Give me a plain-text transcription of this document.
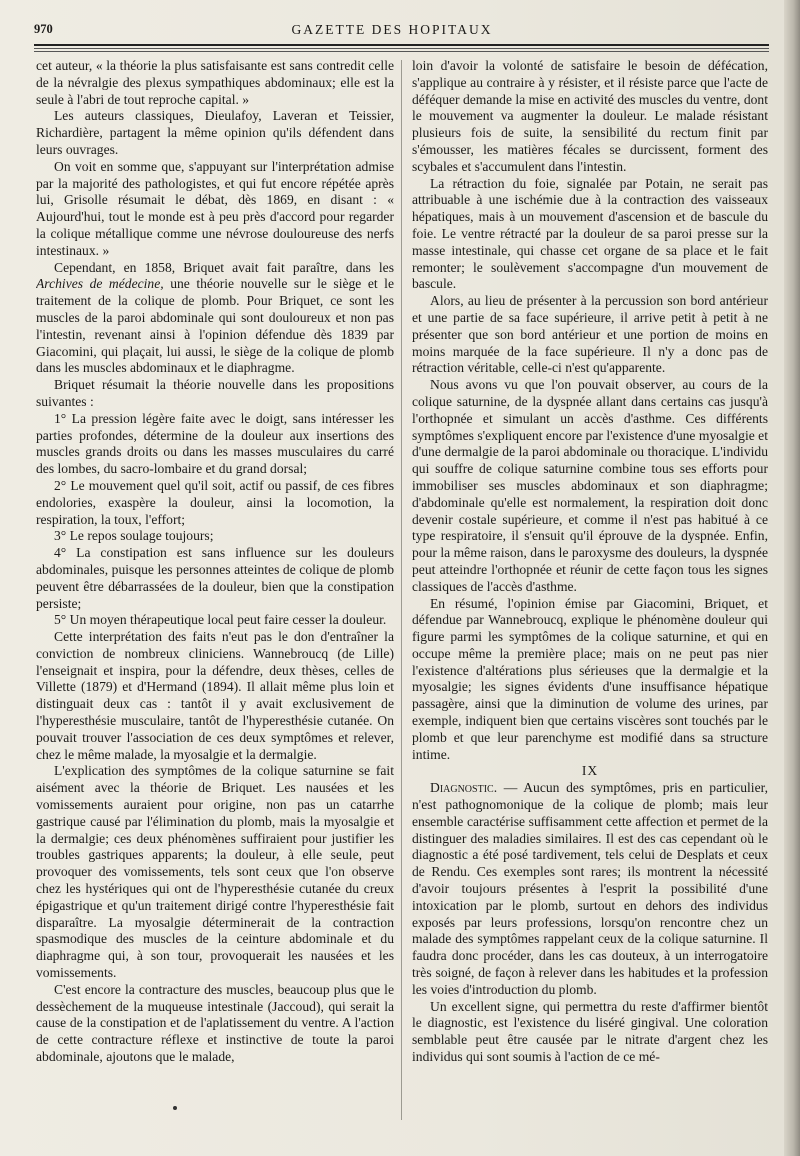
970	GAZETTE DES HOPITAUX

cet auteur, « la théorie la plus satisfaisante est sans contredit celle de la névralgie des plexus sympathiques abdominaux; elle est la seule à l'abri de tout reproche capital. »

Les auteurs classiques, Dieulafoy, Laveran et Teissier, Richardière, partagent la même opinion qu'ils défendent dans leurs ouvrages.

On voit en somme que, s'appuyant sur l'interprétation admise par la majorité des pathologistes, et qui fut encore répétée après lui, Grisolle résumait le débat, dès 1869, en disant : « Aujourd'hui, tout le monde est à peu près d'accord pour regarder la colique métallique comme une névrose douloureuse des nerfs intestinaux. »

Cependant, en 1858, Briquet avait fait paraître, dans les Archives de médecine, une théorie nouvelle sur le siège et le traitement de la colique de plomb. Pour Briquet, ce sont les muscles de la paroi abdominale qui sont douloureux et non pas l'intestin, revenant ainsi à l'opinion défendue dès 1839 par Giacomini, qui plaçait, lui aussi, le siège de la colique de plomb dans les muscles abdominaux et le diaphragme.

Briquet résumait la théorie nouvelle dans les propositions suivantes :

1° La pression légère faite avec le doigt, sans intéresser les parties profondes, détermine de la douleur aux insertions des muscles grands droits ou dans les masses musculaires du carré des lombes, du sacro-lombaire et du grand dorsal;

2° Le mouvement quel qu'il soit, actif ou passif, de ces fibres endolories, exaspère la douleur, ainsi la locomotion, la respiration, la toux, l'effort;

3° Le repos soulage toujours;

4° La constipation est sans influence sur les douleurs abdominales, puisque les personnes atteintes de colique de plomb peuvent être débarrassées de la douleur, bien que la constipation persiste;

5° Un moyen thérapeutique local peut faire cesser la douleur.

Cette interprétation des faits n'eut pas le don d'entraîner la conviction de nombreux cliniciens. Wannebroucq (de Lille) l'enseignait et inspira, pour la défendre, deux thèses, celles de Villette (1879) et d'Hermand (1894). Il allait même plus loin et distinguait deux cas : tantôt il y avait exclusivement de l'hyperesthésie musculaire, tantôt de l'hyperesthésie cutanée. On pouvait trouver l'association de ces deux symptômes et relever, chez le même malade, la myosalgie et la dermalgie.

L'explication des symptômes de la colique saturnine se fait aisément avec la théorie de Briquet. Les nausées et les vomissements auraient pour origine, non pas un catarrhe gastrique causé par l'élimination du plomb, mais la myosalgie et la dermalgie; ces deux phénomènes suffiraient pour justifier les troubles gastriques apparents; la douleur, à elle seule, peut provoquer des vomissements, tels sont ceux que l'on observe chez les hystériques qui ont de l'hyperesthésie cutanée du creux épigastrique et qu'un traitement dirigé contre l'hyperesthésie fait disparaître. La myosalgie déterminerait de la contraction spasmodique des muscles de la ceinture abdominale et du diaphragme qui, à son tour, provoquerait les nausées et les vomissements.

C'est encore la contracture des muscles, beaucoup plus que le dessèchement de la muqueuse intestinale (Jaccoud), qui serait la cause de la constipation et de l'aplatissement du ventre. A l'action de cette contracture réflexe et instinctive de toute la paroi abdominale, ajoutons que le malade,

loin d'avoir la volonté de satisfaire le besoin de défécation, s'applique au contraire à y résister, et il résiste parce que l'acte de déféquer demande la mise en activité des muscles du ventre, dont le mouvement va augmenter la douleur. Le malade résistant plusieurs fois de suite, la sensibilité du rectum finit par s'émousser, les matières fécales se durcissent, forment des scybales et s'accumulent dans l'intestin.

La rétraction du foie, signalée par Potain, ne serait pas attribuable à une ischémie due à la contraction des vaisseaux hépatiques, mais à un mouvement d'ascension et de bascule du foie. Le ventre rétracté par la douleur de sa paroi presse sur la masse intestinale, qui chasse cet organe de sa place et le fait remonter; le soulèvement s'accompagne d'un mouvement de bascule.

Alors, au lieu de présenter à la percussion son bord antérieur et une partie de sa face supérieure, il arrive petit à petit à ne présenter que son bord antérieur et une portion de moins en moins marquée de la face supérieure. Il n'y a donc pas de rétraction véritable, celle-ci n'est qu'apparente.

Nous avons vu que l'on pouvait observer, au cours de la colique saturnine, de la dyspnée allant dans certains cas jusqu'à l'orthopnée et simulant un accès d'asthme. Ces différents symptômes s'expliquent encore par l'existence d'une myosalgie et d'une dermalgie de la paroi abdominale ou thoracique. L'individu qui souffre de colique saturnine combine tous ses efforts pour immobiliser ses muscles abdominaux et son diaphragme; d'abdominale qu'elle est normalement, la respiration doit donc devenir costale supérieure, et comme il n'est pas habitué à ce type respiratoire, il s'ensuit qu'il éprouve de la dyspnée. Enfin, pour la même raison, dans le paroxysme des douleurs, la dyspnée peut atteindre l'orthopnée et réunir de cette façon tous les signes classiques de l'accès d'asthme.

En résumé, l'opinion émise par Giacomini, Briquet, et défendue par Wannebroucq, explique le phénomène douleur qui figure parmi les symptômes de la colique saturnine, et qui en occupe même la première place; mais on ne peut pas nier l'existence d'altérations plus sérieuses que la dermalgie et la myosalgie; les signes évidents d'une insuffisance hépatique passagère, ainsi que la diminution de volume des urines, par exemple, indiquent bien que certains viscères sont touchés par le plomb et que leur parenchyme est modifié dans sa structure intime.

IX

Diagnostic. — Aucun des symptômes, pris en particulier, n'est pathognomonique de la colique de plomb; mais leur ensemble caractérise suffisamment cette affection et permet de la distinguer des maladies similaires. Il est des cas cependant où le diagnostic a été posé tardivement, tels celui de Desplats et ceux de Rendu. Ces exemples sont rares; ils montrent la nécessité d'avoir toujours présentes à l'esprit la possibilité d'une intoxication par le plomb, surtout en dehors des individus exposés par leurs professions, lorsqu'on rencontre chez un malade des symptômes rappelant ceux de la colique saturnine. Il faudra donc procéder, dans les cas douteux, à un interrogatoire très soigné, de façon à relever dans les habitudes et la profession les voies d'introduction du plomb.

Un excellent signe, qui permettra du reste d'affirmer bientôt le diagnostic, est l'existence du liséré gingival. Une coloration semblable peut être causée par le nitrate d'argent chez les individus qui sont soumis à l'action de ce mé-
